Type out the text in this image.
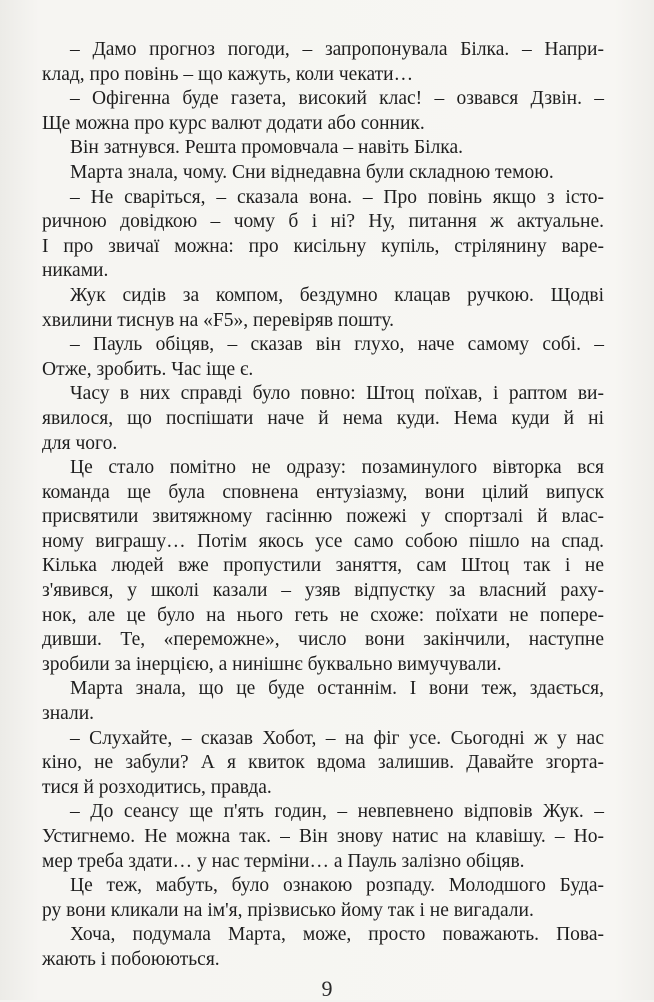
– Дамо прогноз погоди, – запропонувала Білка. – Напри-
клад, про повінь – що кажуть, коли чекати…
– Офігенна буде газета, високий клас! – озвався Дзвін. –
Ще можна про курс валют додати або сонник.
Він затнувся. Решта промовчала – навіть Білка.
Марта знала, чому. Сни віднедавна були складною темою.
– Не сваріться, – сказала вона. – Про повінь якщо з істо-
ричною довідкою – чому б і ні? Ну, питання ж актуальне.
І про звичаї можна: про кисільну купіль, стрілянину варе-
никами.
Жук сидів за компом, бездумно клацав ручкою. Щодві
хвилини тиснув на «F5», перевіряв пошту.
– Пауль обіцяв, – сказав він глухо, наче самому собі. –
Отже, зробить. Час іще є.
Часу в них справді було повно: Штоц поїхав, і раптом ви-
явилося, що поспішати наче й нема куди. Нема куди й ні
для чого.
Це стало помітно не одразу: позаминулого вівторка вся
команда ще була сповнена ентузіазму, вони цілий випуск
присвятили звитяжному гасінню пожежі у спортзалі й влас-
ному виграшу… Потім якось усе само собою пішло на спад.
Кілька людей вже пропустили заняття, сам Штоц так і не
з'явився, у школі казали – узяв відпустку за власний раху-
нок, але це було на нього геть не схоже: поїхати не попере-
дивши. Те, «переможне», число вони закінчили, наступне
зробили за інерцією, а нинішнє буквально вимучували.
Марта знала, що це буде останнім. І вони теж, здається,
знали.
– Слухайте, – сказав Хобот, – на фіг усе. Сьогодні ж у нас
кіно, не забули? А я квиток вдома залишив. Давайте згорта-
тися й розходитись, правда.
– До сеансу ще п'ять годин, – невпевнено відповів Жук. –
Устигнемо. Не можна так. – Він знову натис на клавішу. – Но-
мер треба здати… у нас терміни… а Пауль залізно обіцяв.
Це теж, мабуть, було ознакою розпаду. Молодшого Буда-
ру вони кликали на ім'я, прізвисько йому так і не вигадали.
Хоча, подумала Марта, може, просто поважають. Пова-
жають і побоюються.
9
